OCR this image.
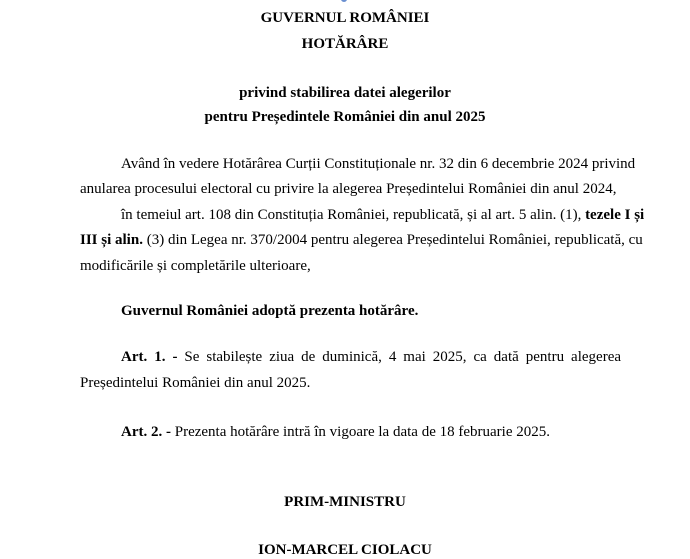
GUVERNUL ROMÂNIEI
HOTĂRÂRE
privind stabilirea datei alegerilor
pentru Președintele României din anul 2025
Având în vedere Hotărârea Curții Constituționale nr. 32 din 6 decembrie 2024 privind
anularea procesului electoral cu privire la alegerea Președintelui României din anul 2024,
în temeiul art. 108 din Constituția României, republicată, și al art. 5 alin. (1), tezele I și
III și alin. (3) din Legea nr. 370/2004 pentru alegerea Președintelui României, republicată, cu
modificările și completările ulterioare,
Guvernul României adoptă prezenta hotărâre.
Art. 1. - Se stabilește ziua de duminică, 4 mai 2025, ca dată pentru alegerea
Președintelui României din anul 2025.
Art. 2. - Prezenta hotărâre intră în vigoare la data de 18 februarie 2025.
PRIM-MINISTRU
ION-MARCEL CIOLACU
